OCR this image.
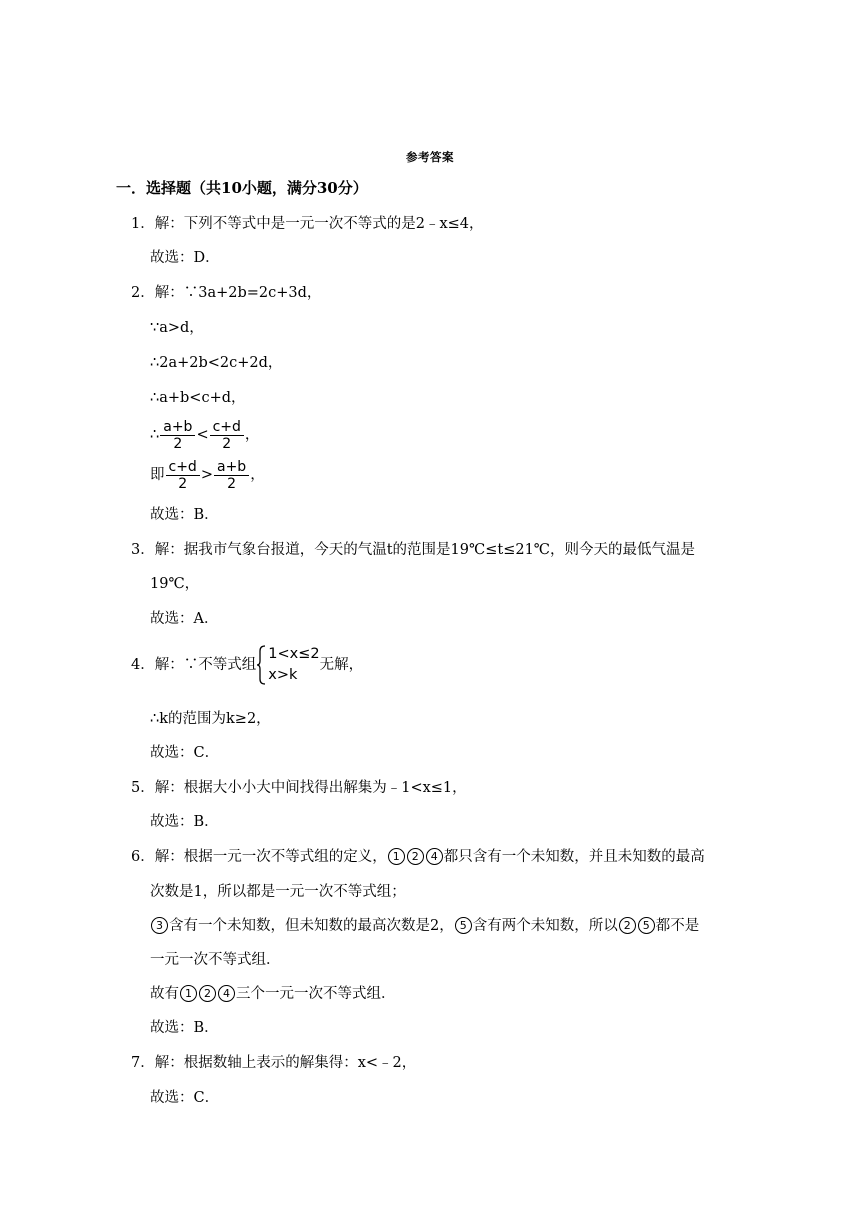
参考答案
一．选择题（共10小题，满分30分）
1．解：下列不等式中是一元一次不等式的是2﹣x≤4，
故选：D．
2．解：∵3a+2b=2c+3d，
∵a>d，
∴2a+2b<2c+2d，
∴a+b<c+d，
∴ $\frac{a+b}{2} < \frac{c+d}{2}$ ，
即 $\frac{c+d}{2} > \frac{a+b}{2}$ ，
故选：B．
3．解：据我市气象台报道，今天的气温t的范围是19℃≤t≤21℃，则今天的最低气温是
19℃，
故选：A．
4．解：∵不等式组
1<x≤2
x>k
无解，
∴k的范围为k≥2，
故选：C．
5．解：根据大小小大中间找得出解集为﹣1<x≤1，
故选：B．
6．解：根据一元一次不等式组的定义， 1 2 4 都只含有一个未知数，并且未知数的最高
次数是1，所以都是一元一次不等式组；
3 含有一个未知数，但未知数的最高次数是2， 5 含有两个未知数，所以 2 5 都不是
一元一次不等式组．
故有 1 2 4 三个一元一次不等式组．
故选：B．
7．解：根据数轴上表示的解集得：x<﹣2，
故选：C．
